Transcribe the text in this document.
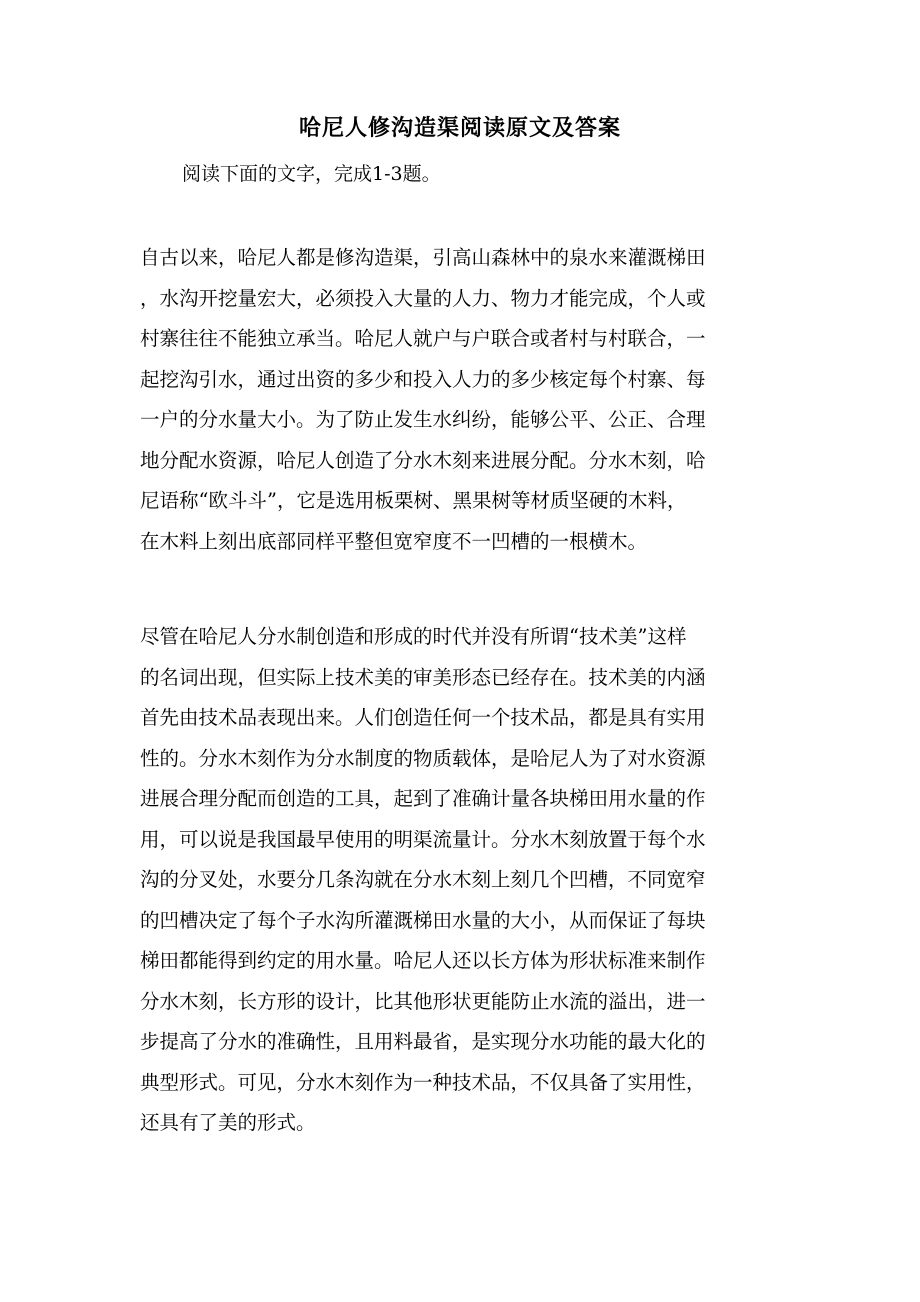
哈尼人修沟造渠阅读原文及答案
阅读下面的文字，完成1-3题。

自古以来，哈尼人都是修沟造渠，引高山森林中的泉水来灌溉梯田
，水沟开挖量宏大，必须投入大量的人力、物力才能完成，个人或
村寨往往不能独立承当。哈尼人就户与户联合或者村与村联合，一
起挖沟引水，通过出资的多少和投入人力的多少核定每个村寨、每
一户的分水量大小。为了防止发生水纠纷，能够公平、公正、合理
地分配水资源，哈尼人创造了分水木刻来进展分配。分水木刻，哈
尼语称“欧斗斗”，它是选用板栗树、黑果树等材质坚硬的木料，
在木料上刻出底部同样平整但宽窄度不一凹槽的一根横木。

尽管在哈尼人分水制创造和形成的时代并没有所谓“技术美”这样
的名词出现，但实际上技术美的审美形态已经存在。技术美的内涵
首先由技术品表现出来。人们创造任何一个技术品，都是具有实用
性的。分水木刻作为分水制度的物质载体，是哈尼人为了对水资源
进展合理分配而创造的工具，起到了准确计量各块梯田用水量的作
用，可以说是我国最早使用的明渠流量计。分水木刻放置于每个水
沟的分叉处，水要分几条沟就在分水木刻上刻几个凹槽，不同宽窄
的凹槽决定了每个子水沟所灌溉梯田水量的大小，从而保证了每块
梯田都能得到约定的用水量。哈尼人还以长方体为形状标准来制作
分水木刻，长方形的设计，比其他形状更能防止水流的溢出，进一
步提高了分水的准确性，且用料最省，是实现分水功能的最大化的
典型形式。可见，分水木刻作为一种技术品，不仅具备了实用性，
还具有了美的形式。
